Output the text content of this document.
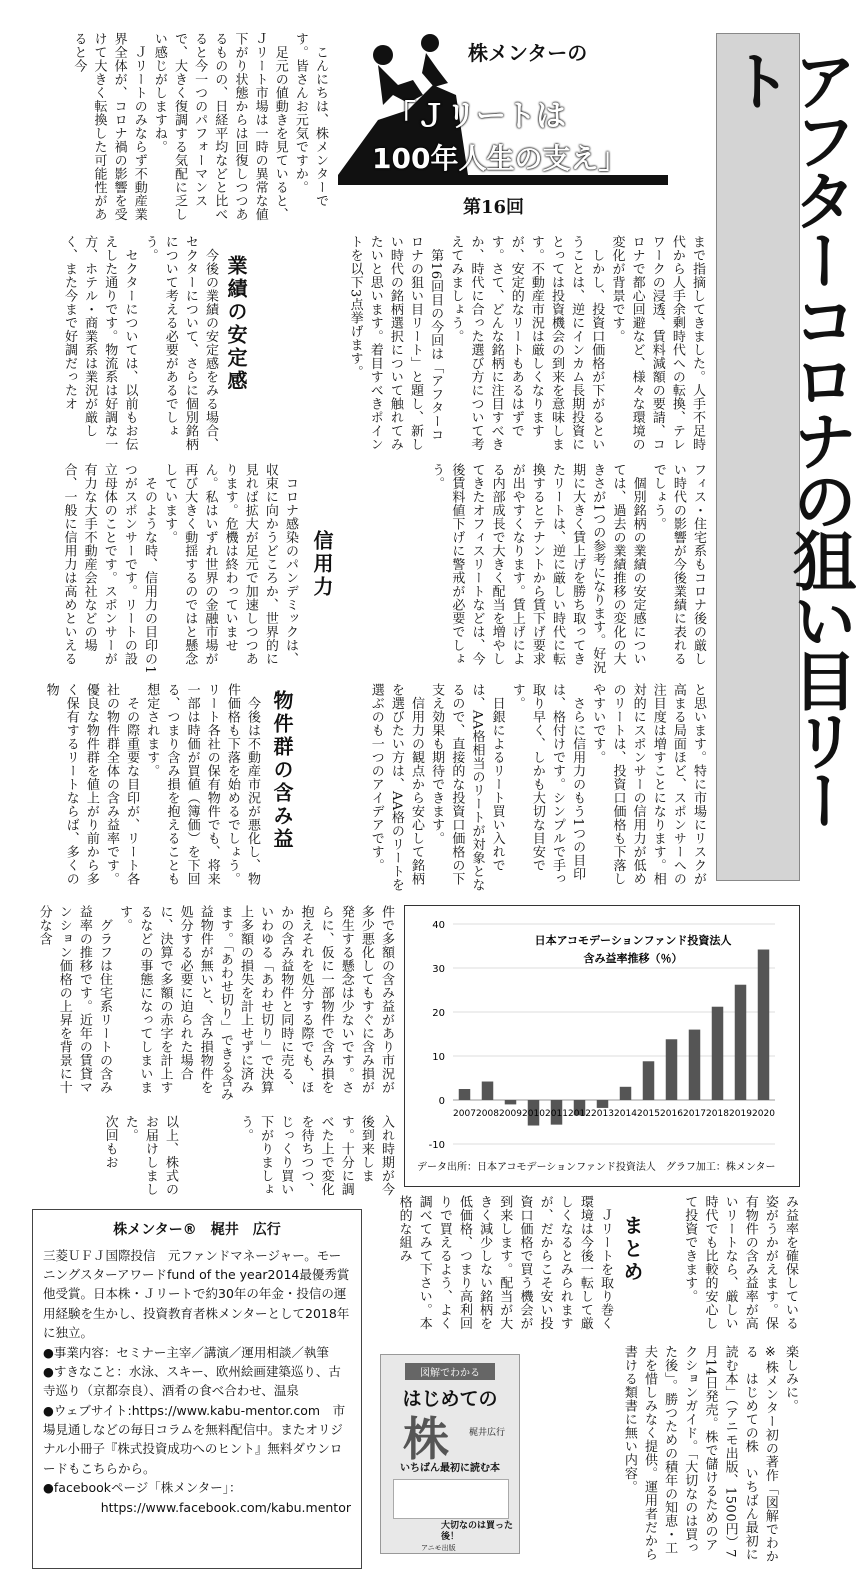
アフターコロナの狙い目リート
株メンターの
「Ｊリートは
100年人生の支え」
第16回
　こんにちは、株メンターです。皆さんお元気ですか。
　足元の値動きを見ていると、Ｊリート市場は一時の異常な値下がり状態からは回復しつつあるものの、日経平均などと比べると今一つのパフォーマンスで、大きく復調する気配に乏しい感じがしますね。
　Ｊリートのみならず不動産業界全体が、コロナ禍の影響を受けて大きく転換した可能性があると今
まで指摘してきました。人手不足時代から人手余剰時代への転換、テレワークの浸透、賃料減額の要請、コロナで都心回避など、様々な環境の変化が背景です。
　しかし、投資口価格が下がるということは、逆にインカム長期投資にとっては投資機会の到来を意味します。不動産市況は厳しくなりますが、安定的なリートもあるはずです。さて、どんな銘柄に注目すべきか、時代に合った選び方について考えてみましょう。
　第16回目の今回は「アフターコロナの狙い目リート」と題し、新しい時代の銘柄選択について触れてみたいと思います。着目すべきポイントを以下3点挙げます。
業績の安定感
　今後の業績の安定感をみる場合、セクターについて、さらに個別銘柄について考える必要があるでしょう。
　セクターについては、以前もお伝えした通りです。物流系は好調な一方、ホテル・商業系は業況が厳しく、また今まで好調だったオ
フィス・住宅系もコロナ後の厳しい時代の影響が今後業績に表れるでしょう。
　個別銘柄の業績の安定感については、過去の業績推移の変化の大きさが1つの参考になります。好況期に大きく賃上げを勝ち取ってきたリートは、逆に厳しい時代に転換するとテナントから賃下げ要求が出やすくなります。賃上げによる内部成長で大きく配当を増やしてきたオフィスリートなどは、今後賃料値下げに警戒が必要でしょう。
信用力
　コロナ感染のパンデミックは、収束に向かうどころか、世界的に見れば拡大が足元で加速しつつあります。危機は終わっていません。私はいずれ世界の金融市場が再び大きく動揺するのではと懸念しています。
　そのような時、信用力の目印の1つがスポンサーです。リートの設立母体のことです。スポンサーが有力な大手不動産会社などの場合、一般に信用力は高めといえる
と思います。特に市場にリスクが高まる局面ほど、スポンサーへの注目度は増すことになります。相対的にスポンサーの信用力が低めのリートは、投資口価格も下落しやすいです。
　さらに信用力のもう1つの目印は、格付けです。シンプルで手っ取り早く、しかも大切な目安です。
　日銀によるリート買い入れでは、AA格相当のリートが対象となるので、直接的な投資口価格の下支え効果も期待できます。
　信用力の観点から安心して銘柄を選びたい方は、AA格のリートを選ぶのも一つのアイデアです。
物件群の含み益
　今後は不動産市況が悪化し、物件価格も下落を始めるでしょう。リート各社の保有物件でも、将来一部は時価が買値（簿価）を下回る、つまり含み損を抱えることも想定されます。
　その際重要な目印が、リート各社の物件群全体の含み益率です。優良な物件群を値上がり前から多く保有するリートならば、多くの物
件で多額の含み益があり市況が多少悪化してもすぐに含み損が発生する懸念は少ないです。さらに、仮に一部物件で含み損を抱えそれを処分する際でも、ほかの含み益物件と同時に売る、いわゆる「あわせ切り」で決算上多額の損失を計上せずに済みます。「あわせ切り」できる含み益物件が無いと、含み損物件を処分する必要に迫られた場合に、決算で多額の赤字を計上するなどの事態になってしまいます。
　グラフは住宅系リートの含み益率の推移です。近年の賃貸マンション価格の上昇を背景に十分な含
入れ時期が今後到来します。十分に調べた上で変化を待ちつつ、じっくり買い下がりましょう。
以上、株式のお届けしました。
次回もお
日本アコモデーションファンド投資法人
含み益率推移（％）
40
30
20
10
0
-10
2007 2008 2009 2010 2011 2012 2013 2014 2015 2016 2017 2018 2019 2020
データ出所：日本アコモデーションファンド投資法人　グラフ加工：株メンター
み益率を確保している姿がうかがえます。保有物件の含み益率が高いリートなら、厳しい時代でも比較的安心して投資できます。
まとめ
　Ｊリートを取り巻く環境は今後一転して厳しくなるとみられますが、だからこそ安い投資口価格で買う機会が到来します。配当が大きく減少しない銘柄を低価格、つまり高利回りで買えるよう、よく調べてみて下さい。本格的な組み
楽しみに。
※株メンター初の著作「図解でわかる　はじめての株　いちばん最初に読む本」（アニモ出版、1500円）7月14日発売。株で儲けるためのアクションガイド。「大切なのは買った後」。勝つための積年の知恵・工夫を惜しみなく提供。運用者だから書ける類書に無い内容。
株メンター®　梶井　広行
三菱ＵＦＪ国際投信　元ファンドマネージャー。モーニングスターアワードfund of the year2014最優秀賞他受賞。日本株・Ｊリートで約30年の年金・投信の運用経験を生かし、投資教育者株メンターとして2018年に独立。
●事業内容：セミナー主宰／講演／運用相談／執筆
●すきなこと：水泳、スキー、欧州絵画建築巡り、古寺巡り（京都奈良）、酒肴の食べ合わせ、温泉
●ウェブサイト:https://www.kabu-mentor.com　市場見通しなどの毎日コラムを無料配信中。またオリジナル小冊子『株式投資成功へのヒント』無料ダウンロードもこちらから。
●facebookページ「株メンター」：
https://www.facebook.com/kabu.mentor
図解でわかる
はじめての
株 梶井広行
いちばん最初に読む本
大切なのは買った後！
アニモ出版
